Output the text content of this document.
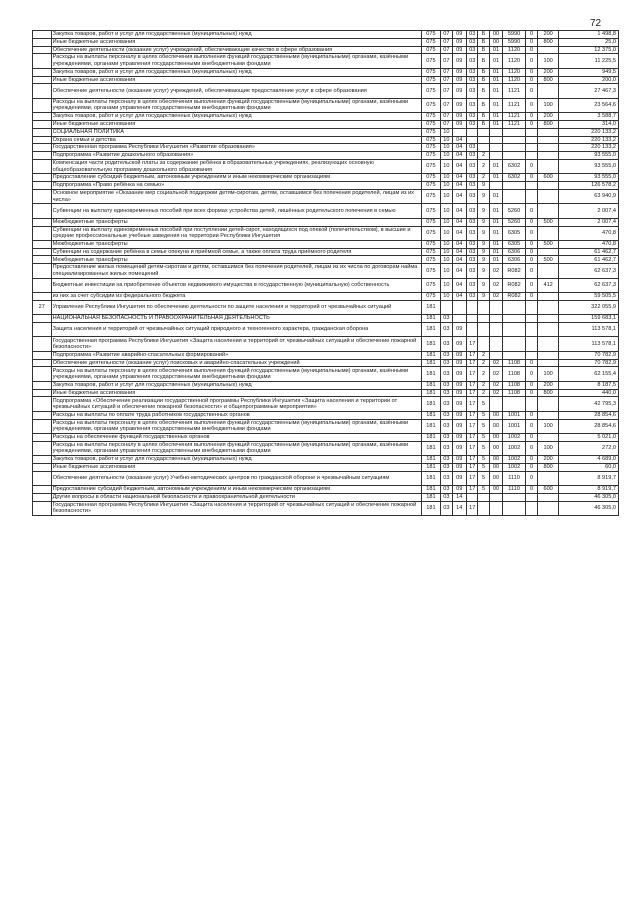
72
	Закупка товаров, работ и услуг для государственных (муниципальных) нужд	075	07	09	03	Б	00	5990	0	200	1 498,8
	Иные бюджетные ассигнования	075	07	09	03	Б	00	5990	0	800	25,0
	Обеспечение деятельности (оказание услуг) учреждений, обеспечивающие качество в сфере образования	075	07	09	03	Б	01	1120	0		12 375,0
	Расходы на выплаты персоналу в целях обеспечения выполнения функций государственными (муниципальными) органами, казёнными учреждениями, органами управления государственными внебюджетными фондами	075	07	09	03	Б	01	1120	0	100	11 225,5
	Закупка товаров, работ и услуг для государственных (муниципальных) нужд	075	07	09	03	Б	01	1120	0	200	949,5
	Иные бюджетные ассигнования	075	07	09	03	Б	01	1120	0	800	200,0
	Обеспечение деятельности (оказание услуг) учреждений, обеспечивающие предоставление услуг в сфере образования	075	07	09	03	Б	01	1121	0		27 467,3
	Расходы на выплаты персоналу в целях обеспечения выполнения функций государственными (муниципальными) органами, казёнными учреждениями, органами управления государственными внебюджетными фондами	075	07	09	03	Б	01	1121	0	100	23 564,6
	Закупка товаров, работ и услуг для государственных (муниципальных) нужд	075	07	09	03	Б	01	1121	0	200	3 588,7
	Иные бюджетные ассигнования	075	07	09	03	Б	01	1121	0	800	314,0
	СОЦИАЛЬНАЯ ПОЛИТИКА	075	10								220 133,2
	Охрана семьи и детства	075	10	04							220 133,2
	Государственная программа Республики Ингушетия «Развитие образования»	075	10	04	03						220 133,2
	Подпрограмма «Развитие дошкольного образования»	075	10	04	03	2					93 555,0
	Компенсация части родительской платы за содержание ребёнка в образовательных учреждениях, реализующих основную общеобразовательную программу дошкольного образования	075	10	04	03	2	01	6302	0		93 555,0
	Предоставление субсидий бюджетным, автономным учреждениям и иным некоммерческим организациям	075	10	04	03	2	01	6302	0	600	93 555,0
	Подпрограмма «Право ребёнка на семью»	075	10	04	03	9					126 578,2
	Основное мероприятие «Оказание мер социальной поддержки детям-сиротам, детям, оставшимся без попечения родителей, лицам из их числа»	075	10	04	03	9	01				63 940,9
	Субвенции на выплату единовременных пособий при всех формах устройства детей, лишённых родительского попечения в семью	075	10	04	03	9	01	5260	0		2 007,4
	Межбюджетные трансферты	075	10	04	03	9	01	5260	0	500	2 007,4
	Субвенции на выплату единовременных пособий при поступлении детей-сирот, находящихся под опекой (попечительством), в высшие и средние профессиональные учебные заведения на территории Республики Ингушетия	075	10	04	03	9	01	6305	0		470,8
	Межбюджетные трансферты	075	10	04	03	9	01	6305	0	500	470,8
	Субвенции на содержание ребёнка в семье опекуна и приёмной семье, а также оплата труда приёмного родителя	075	10	04	03	9	01	6306	0		61 462,7
	Межбюджетные трансферты	075	10	04	03	9	01	6306	0	500	61 462,7
	Предоставление жилых помещений детям-сиротам и детям, оставшимся без попечения родителей, лицам из их числа по договорам найма специализированных жилых помещений	075	10	04	03	9	02	R082	0		62 637,3
	Бюджетные инвестиции на приобретение объектов недвижимого имущества в государственную (муниципальную) собственность	075	10	04	03	9	02	R082	0	412	62 637,3
	из них за счет субсидии из федерального бюджета	075	10	04	03	9	02	R082	0		59 505,5
27	Управление Республики Ингушетия по обеспечению деятельности по защите населения и территорий от чрезвычайных ситуаций	181									322 055,9
	НАЦИОНАЛЬНАЯ БЕЗОПАСНОСТЬ И ПРАВООХРАНИТЕЛЬНАЯ ДЕЯТЕЛЬНОСТЬ	181	03								159 683,1
	Защита населения и территорий от чрезвычайных ситуаций природного и техногенного характера, гражданская оборона	181	03	09							113 578,1
	Государственная программа Республики Ингушетия «Защита населения и территорий от чрезвычайных ситуаций и обеспечение пожарной безопасности»	181	03	09	17						113 578,1
	Подпрограмма «Развитие аварийно-спасательных формирований»	181	03	09	17	2					70 782,9
	Обеспечение деятельности (оказание услуг) поисковых и аварийно-спасательных учреждений	181	03	09	17	2	02	1108	0		70 782,9
	Расходы на выплаты персоналу в целях обеспечения выполнения функций государственными (муниципальными) органами, казёнными учреждениями, органами управления государственными внебюджетными фондами	181	03	09	17	2	02	1108	0	100	62 155,4
	Закупка товаров, работ и услуг для государственных (муниципальных) нужд	181	03	09	17	2	02	1108	0	200	8 187,5
	Иные бюджетные ассигнования	181	03	09	17	2	02	1108	0	800	440,0
	Подпрограмма «Обеспечение реализации государственной программы Республики Ингушетия «Защита населения и территории от чрезвычайных ситуаций и обеспечение пожарной безопасности» и общепрограммные мероприятия»	181	03	09	17	5					42 795,3
	Расходы на выплаты по оплате труда работников государственных органов	181	03	09	17	5	00	1001	0		28 854,6
	Расходы на выплаты персоналу в целях обеспечения выполнения функций государственными (муниципальными) органами, казёнными учреждениями, органами управления государственными внебюджетными фондами	181	03	09	17	5	00	1001	0	100	28 854,6
	Расходы на обеспечение функций государственных органов	181	03	09	17	5	00	1002	0		5 021,0
	Расходы на выплаты персоналу в целях обеспечения выполнения функций государственными (муниципальными) органами, казёнными учреждениями, органами управления государственными внебюджетными фондами	181	03	09	17	5	00	1002	0	100	272,0
	Закупка товаров, работ и услуг для государственных (муниципальных) нужд	181	03	09	17	5	00	1002	0	200	4 689,0
	Иные бюджетные ассигнования	181	03	09	17	5	00	1002	0	800	60,0
	Обеспечение деятельности (оказание услуг) Учебно-методических центров по гражданской обороне и чрезвычайным ситуациям	181	03	09	17	5	00	1110	0		8 919,7
	Предоставление субсидий бюджетным, автономным учреждениям и иным некоммерческим организациям	181	03	09	17	5	00	1110	0	600	8 919,7
	Другие вопросы в области национальной безопасности и правоохранительной деятельности	181	03	14							46 305,0
	Государственная программа Республики Ингушетия «Защита населения и территорий от чрезвычайных ситуаций и обеспечение пожарной безопасности»	181	03	14	17						46 305,0
